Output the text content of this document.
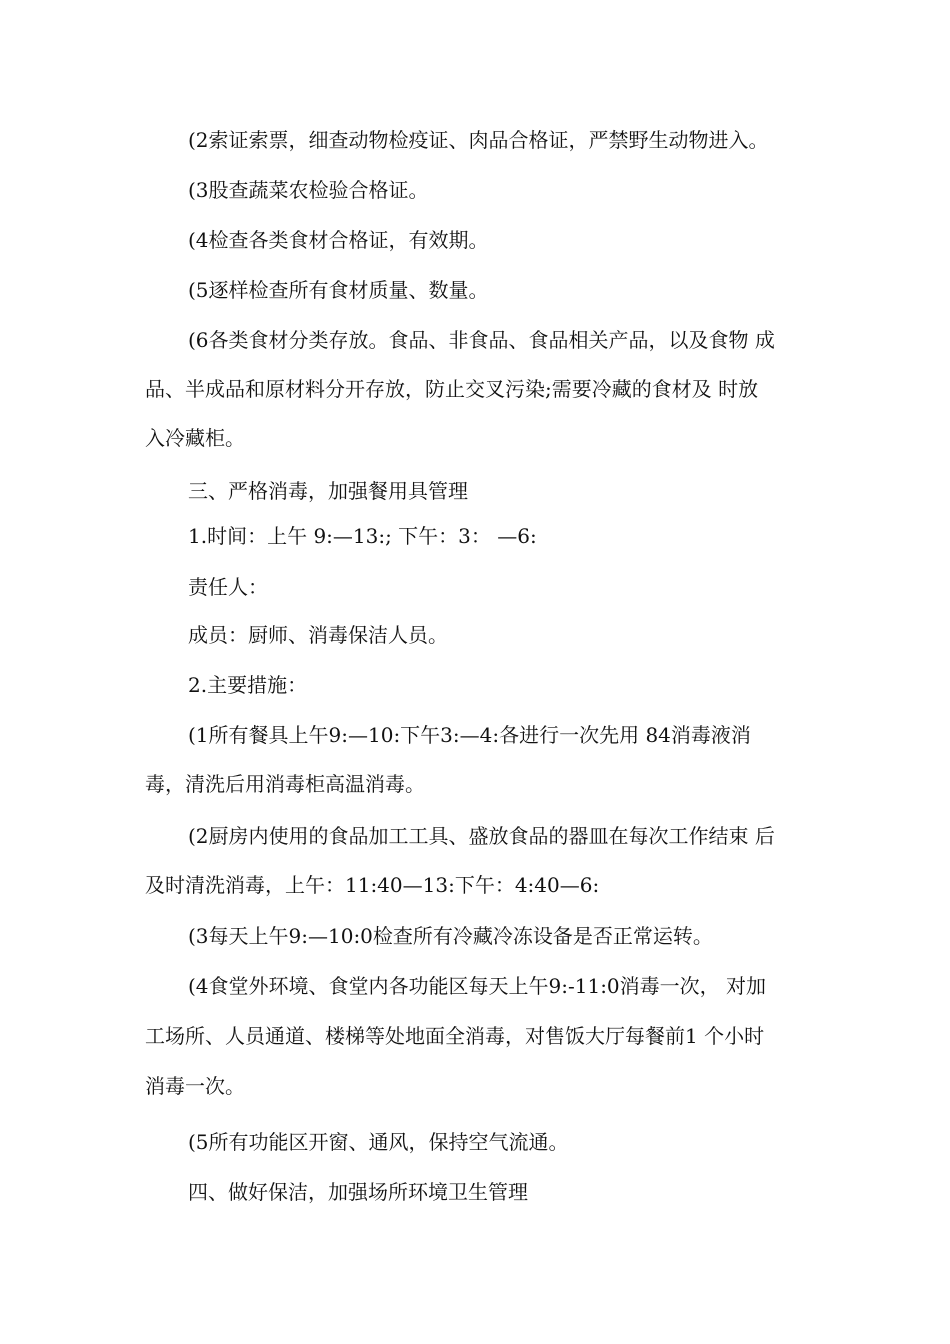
(2索证索票，细查动物检疫证、肉品合格证，严禁野生动物进入。
(3股查蔬菜农检验合格证。
(4检查各类食材合格证，有效期。
(5逐样检查所有食材质量、数量。
(6各类食材分类存放。食品、非食品、食品相关产品，以及食物 成
品、半成品和原材料分开存放，防止交叉污染;需要冷藏的食材及 时放
入冷藏柜。
三、严格消毒，加强餐用具管理
1.时间：上午 9:—13:; 下午：3： —6:
责任人：
成员：厨师、消毒保洁人员。
2.主要措施：
(1所有餐具上午9:—10:下午3:—4:各进行一次先用 84消毒液消
毒，清洗后用消毒柜高温消毒。
(2厨房内使用的食品加工工具、盛放食品的器皿在每次工作结束 后
及时清洗消毒，上午：11:40—13:下午：4:40—6:
(3每天上午9:—10:0检查所有冷藏冷冻设备是否正常运转。
(4食堂外环境、食堂内各功能区每天上午9:-11:0消毒一次， 对加
工场所、人员通道、楼梯等处地面全消毒，对售饭大厅每餐前1 个小时
消毒一次。
(5所有功能区开窗、通风，保持空气流通。
四、做好保洁，加强场所环境卫生管理
